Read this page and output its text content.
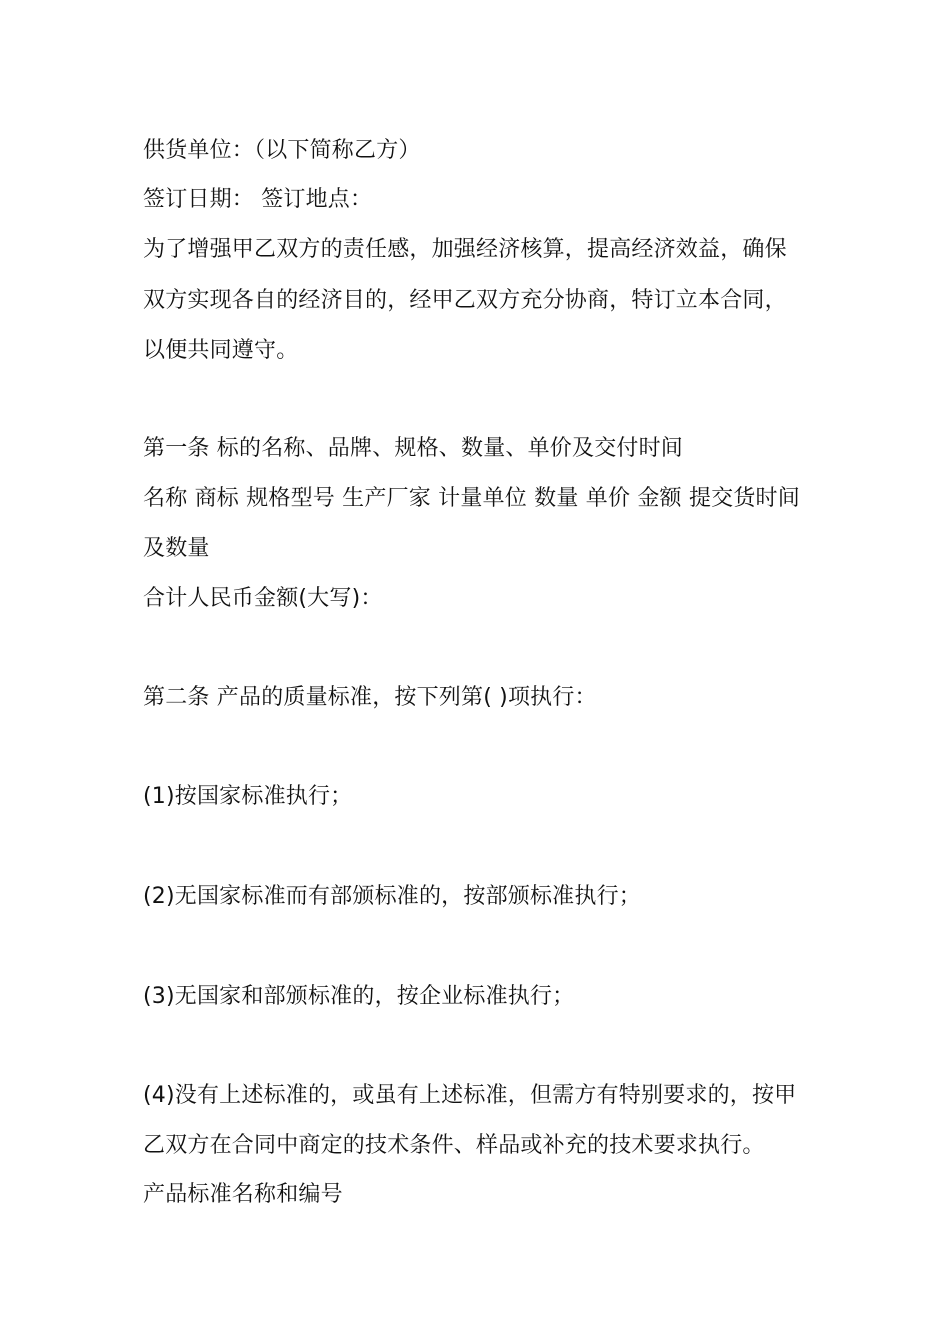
供货单位：（以下简称乙方）
签订日期： 签订地点：
为了增强甲乙双方的责任感，加强经济核算，提高经济效益，确保
双方实现各自的经济目的，经甲乙双方充分协商，特订立本合同，
以便共同遵守。
第一条 标的名称、品牌、规格、数量、单价及交付时间
名称 商标 规格型号 生产厂家 计量单位 数量 单价 金额 提交货时间
及数量
合计人民币金额(大写)：
第二条 产品的质量标准，按下列第( )项执行：
(1)按国家标准执行；
(2)无国家标准而有部颁标准的，按部颁标准执行；
(3)无国家和部颁标准的，按企业标准执行；
(4)没有上述标准的，或虽有上述标准，但需方有特别要求的，按甲
乙双方在合同中商定的技术条件、样品或补充的技术要求执行。
产品标准名称和编号
